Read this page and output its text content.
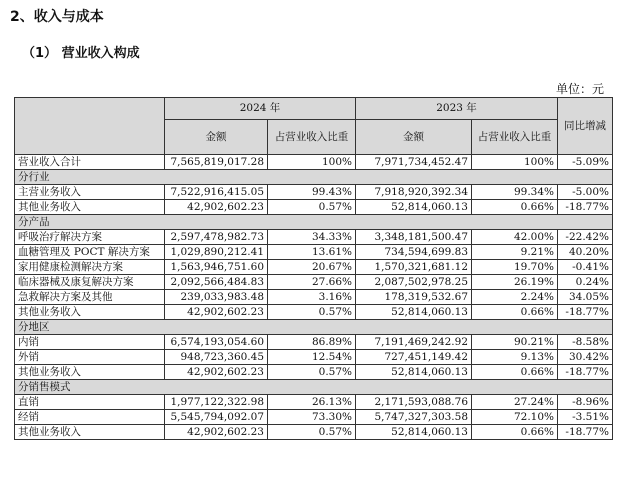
2、收入与成本
（1） 营业收入构成
单位：元
	2024 年		2023 年		同比增减
	金额	占营业收入比重	金额	占营业收入比重	
营业收入合计	7,565,819,017.28	100%	7,971,734,452.47	100%	-5.09%
分行业					
主营业务收入	7,522,916,415.05	99.43%	7,918,920,392.34	99.34%	-5.00%
其他业务收入	42,902,602.23	0.57%	52,814,060.13	0.66%	-18.77%
分产品					
呼吸治疗解决方案	2,597,478,982.73	34.33%	3,348,181,500.47	42.00%	-22.42%
血糖管理及 POCT 解决方案	1,029,890,212.41	13.61%	734,594,699.83	9.21%	40.20%
家用健康检测解决方案	1,563,946,751.60	20.67%	1,570,321,681.12	19.70%	-0.41%
临床器械及康复解决方案	2,092,566,484.83	27.66%	2,087,502,978.25	26.19%	0.24%
急救解决方案及其他	239,033,983.48	3.16%	178,319,532.67	2.24%	34.05%
其他业务收入	42,902,602.23	0.57%	52,814,060.13	0.66%	-18.77%
分地区					
内销	6,574,193,054.60	86.89%	7,191,469,242.92	90.21%	-8.58%
外销	948,723,360.45	12.54%	727,451,149.42	9.13%	30.42%
其他业务收入	42,902,602.23	0.57%	52,814,060.13	0.66%	-18.77%
分销售模式					
直销	1,977,122,322.98	26.13%	2,171,593,088.76	27.24%	-8.96%
经销	5,545,794,092.07	73.30%	5,747,327,303.58	72.10%	-3.51%
其他业务收入	42,902,602.23	0.57%	52,814,060.13	0.66%	-18.77%
